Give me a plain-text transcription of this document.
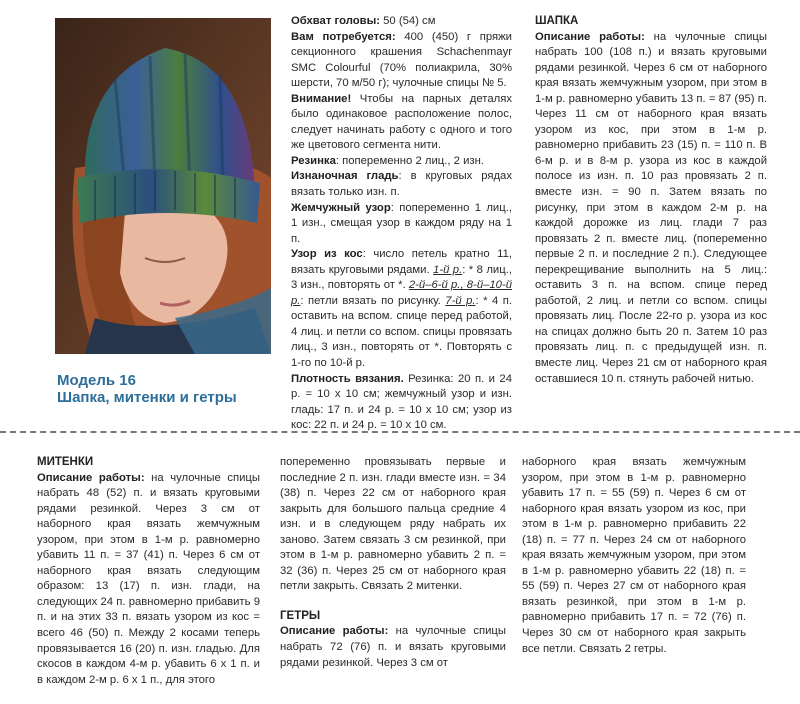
Модель 16
Шапка, митенки и гетры

Обхват головы: 50 (54) см

Вам потребуется: 400 (450) г пряжи секционного крашения Schachenmayr SMC Colourful (70% полиакрила, 30% шерсти, 70 м/50 г); чулочные спицы № 5.

Внимание! Чтобы на парных деталях было одинаковое расположение полос, следует начинать работу с одного и того же цветового сегмента нити.

Резинка: попеременно 2 лиц., 2 изн.

Изнаночная гладь: в круговых рядах вязать только изн. п.

Жемчужный узор: попеременно 1 лиц., 1 изн., смещая узор в каждом ряду на 1 п.

Узор из кос: число петель кратно 11, вязать круговыми рядами. 1-й р.: * 8 лиц., 3 изн., повторять от *. 2-й–6-й р., 8-й–10-й р.: петли вязать по рисунку. 7-й р.: * 4 п. оставить на вспом. спице перед работой, 4 лиц. и петли со вспом. спицы провязать лиц., 3 изн., повторять от *. Повторять с 1-го по 10-й р.

Плотность вязания. Резинка: 20 п. и 24 р. = 10 х 10 см; жемчужный узор и изн. гладь: 17 п. и 24 р. = 10 х 10 см; узор из кос: 22 п. и 24 р. = 10 х 10 см.

ШАПКА

Описание работы: на чулочные спицы набрать 100 (108 п.) и вязать круговыми рядами резинкой. Через 6 см от наборного края вязать жемчужным узором, при этом в 1-м р. равномерно убавить 13 п. = 87 (95) п. Через 11 см от наборного края вязать узором из кос, при этом в 1-м р. равномерно прибавить 23 (15) п. = 110 п. В 6-м р. и в 8-м р. узора из кос в каждой полосе из изн. п. 10 раз провязать 2 п. вместе изн. = 90 п. Затем вязать по рисунку, при этом в каждом 2-м р. на каждой дорожке из лиц. глади 7 раз провязать 2 п. вместе лиц. (попеременно первые 2 п. и последние 2 п.). Следующее перекрещивание выполнить на 5 лиц.: оставить 3 п. на вспом. спице перед работой, 2 лиц. и петли со вспом. спицы провязать лиц. После 22-го р. узора из кос на спицах должно быть 20 п. Затем 10 раз провязать лиц. п. с предыдущей изн. п. вместе лиц. Через 21 см от наборного края оставшиеся 10 п. стянуть рабочей нитью.

МИТЕНКИ

Описание работы: на чулочные спицы набрать 48 (52) п. и вязать круговыми рядами резинкой. Через 3 см от наборного края вязать жемчужным узором, при этом в 1-м р. равномерно убавить 11 п. = 37 (41) п. Через 6 см от наборного края вязать следующим образом: 13 (17) п. изн. глади, на следующих 24 п. равномерно прибавить 9 п. и на этих 33 п. вязать узором из кос = всего 46 (50) п. Между 2 косами теперь провязывается 16 (20) п. изн. гладью. Для скосов в каждом 4-м р. убавить 6 х 1 п. и в каждом 2-м р. 6 х 1 п., для этого

попеременно провязывать первые и последние 2 п. изн. глади вместе изн. = 34 (38) п. Через 22 см от наборного края закрыть для большого пальца средние 4 изн. и в следующем ряду набрать их заново. Затем связать 3 см резинкой, при этом в 1-м р. равномерно убавить 2 п. = 32 (36) п. Через 25 см от наборного края петли закрыть. Связать 2 митенки.

ГЕТРЫ

Описание работы: на чулочные спицы набрать 72 (76) п. и вязать круговыми рядами резинкой. Через 3 см от

наборного края вязать жемчужным узором, при этом в 1-м р. равномерно убавить 17 п. = 55 (59) п. Через 6 см от наборного края вязать узором из кос, при этом в 1-м р. равномерно прибавить 22 (18) п. = 77 п. Через 24 см от наборного края вязать жемчужным узором, при этом в 1-м р. равномерно убавить 22 (18) п. = 55 (59) п. Через 27 см от наборного края вязать резинкой, при этом в 1-м р. равномерно прибавить 17 п. = 72 (76) п. Через 30 см от наборного края закрыть все петли. Связать 2 гетры.
